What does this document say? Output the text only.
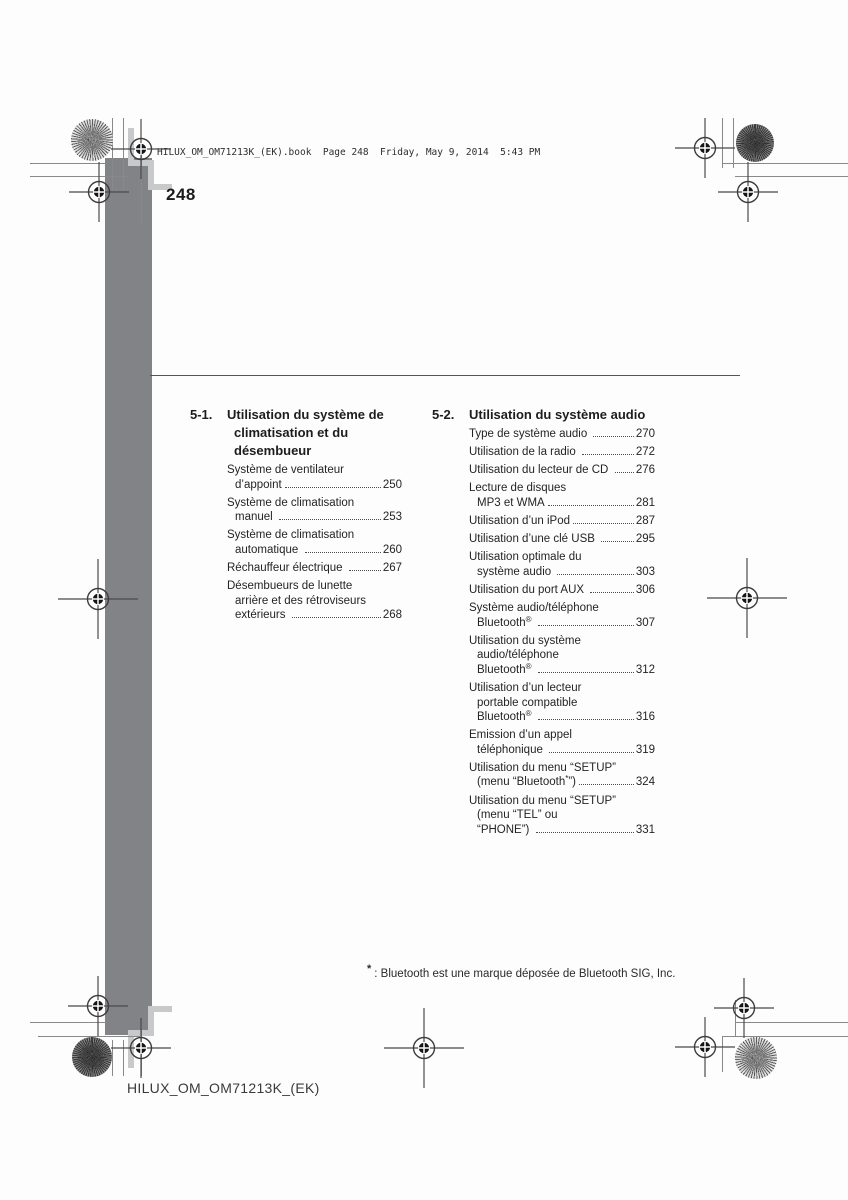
HILUX_OM_OM71213K_(EK).book  Page 248  Friday, May 9, 2014  5:43 PM
248
5-1.	Utilisation du système de
climatisation et du désembueur
Système de ventilateur
d’appoint	250
Système de climatisation
manuel	253
Système de climatisation
automatique	260
Réchauffeur électrique	267
Désembueurs de lunette
arrière et des rétroviseurs
extérieurs	268
5-2.	Utilisation du système audio
Type de système audio	270
Utilisation de la radio	272
Utilisation du lecteur de CD 276
Lecture de disques
MP3 et WMA	281
Utilisation d’un iPod	287
Utilisation d’une clé USB	295
Utilisation optimale du
système audio	303
Utilisation du port AUX	306
Système audio/téléphone
Bluetooth®	307
Utilisation du système
audio/téléphone
Bluetooth®	312
Utilisation d’un lecteur
portable compatible
Bluetooth®	316
Emission d’un appel
téléphonique	319
Utilisation du menu “SETUP”
(menu “Bluetooth*”)	324
Utilisation du menu “SETUP”
(menu “TEL” ou
“PHONE”)	331
* : Bluetooth est une marque déposée de Bluetooth SIG, Inc.
HILUX_OM_OM71213K_(EK)
